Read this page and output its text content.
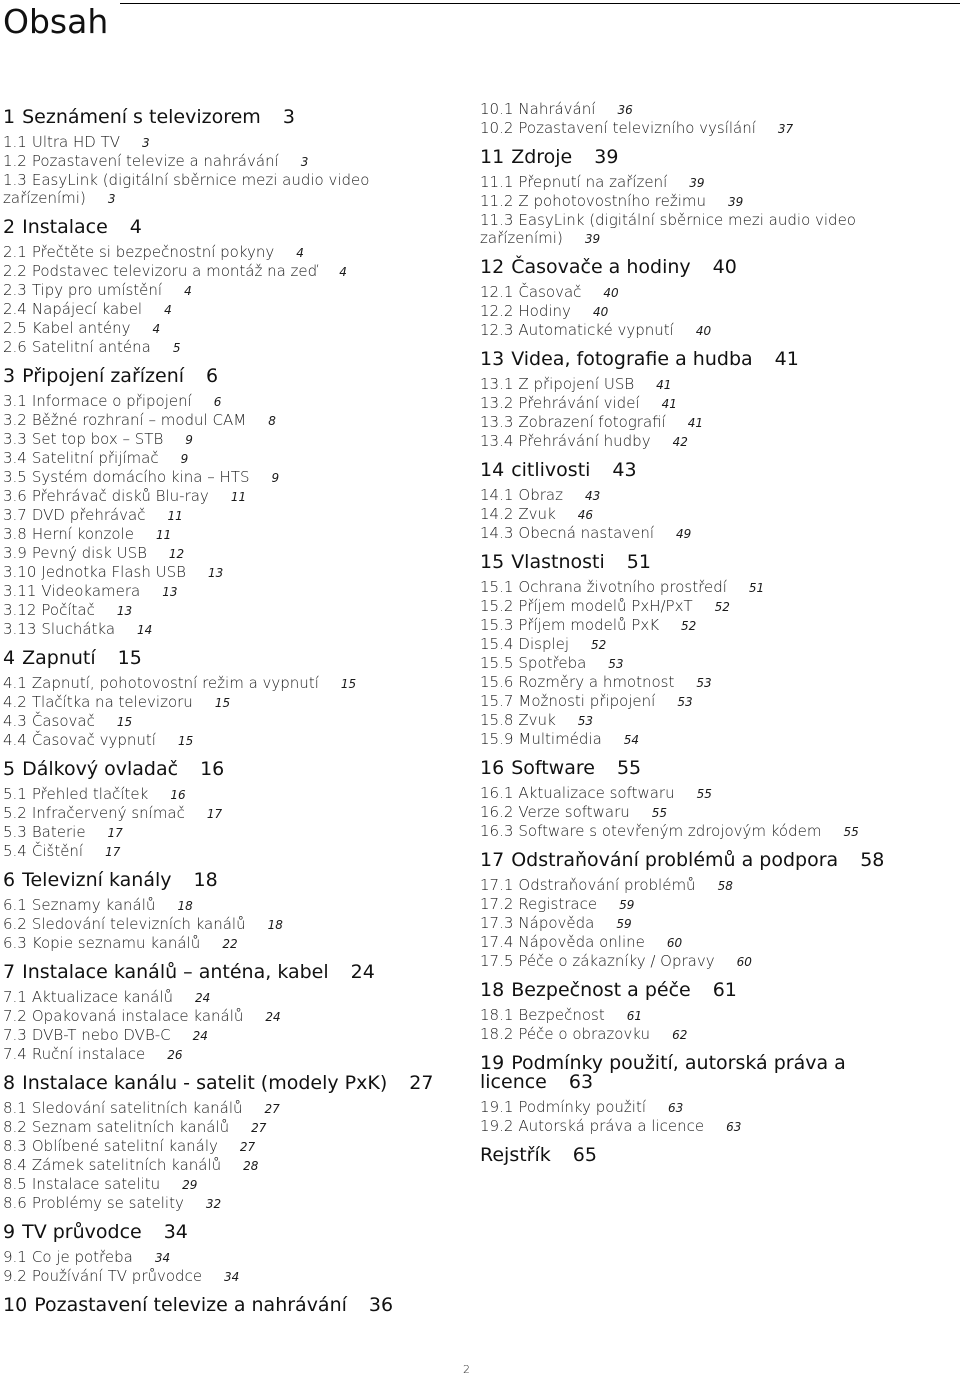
Obsah
1 Seznámení s televizorem 3
1.1 Ultra HD TV 3
1.2 Pozastavení televize a nahrávání 3
1.3 EasyLink (digitální sběrnice mezi audio video zařízeními) 3
2 Instalace 4
2.1 Přečtěte si bezpečnostní pokyny 4
2.2 Podstavec televizoru a montáž na zeď 4
2.3 Tipy pro umístění 4
2.4 Napájecí kabel 4
2.5 Kabel antény 4
2.6 Satelitní anténa 5
3 Připojení zařízení 6
3.1 Informace o připojení 6
3.2 Běžné rozhraní – modul CAM 8
3.3 Set top box – STB 9
3.4 Satelitní přijímač 9
3.5 Systém domácího kina – HTS 9
3.6 Přehrávač disků Blu-ray 11
3.7 DVD přehrávač 11
3.8 Herní konzole 11
3.9 Pevný disk USB 12
3.10 Jednotka Flash USB 13
3.11 Videokamera 13
3.12 Počítač 13
3.13 Sluchátka 14
4 Zapnutí 15
4.1 Zapnutí, pohotovostní režim a vypnutí 15
4.2 Tlačítka na televizoru 15
4.3 Časovač 15
4.4 Časovač vypnutí 15
5 Dálkový ovladač 16
5.1 Přehled tlačítek 16
5.2 Infračervený snímač 17
5.3 Baterie 17
5.4 Čištění 17
6 Televizní kanály 18
6.1 Seznamy kanálů 18
6.2 Sledování televizních kanálů 18
6.3 Kopie seznamu kanálů 22
7 Instalace kanálů – anténa, kabel 24
7.1 Aktualizace kanálů 24
7.2 Opakovaná instalace kanálů 24
7.3 DVB-T nebo DVB-C 24
7.4 Ruční instalace 26
8 Instalace kanálu - satelit (modely PxK) 27
8.1 Sledování satelitních kanálů 27
8.2 Seznam satelitních kanálů 27
8.3 Oblíbené satelitní kanály 27
8.4 Zámek satelitních kanálů 28
8.5 Instalace satelitu 29
8.6 Problémy se satelity 32
9 TV průvodce 34
9.1 Co je potřeba 34
9.2 Používání TV průvodce 34
10 Pozastavení televize a nahrávání 36
10.1 Nahrávání 36
10.2 Pozastavení televizního vysílání 37
11 Zdroje 39
11.1 Přepnutí na zařízení 39
11.2 Z pohotovostního režimu 39
11.3 EasyLink (digitální sběrnice mezi audio video zařízeními) 39
12 Časovače a hodiny 40
12.1 Časovač 40
12.2 Hodiny 40
12.3 Automatické vypnutí 40
13 Videa, fotografie a hudba 41
13.1 Z připojení USB 41
13.2 Přehrávání videí 41
13.3 Zobrazení fotografií 41
13.4 Přehrávání hudby 42
14 citlivosti 43
14.1 Obraz 43
14.2 Zvuk 46
14.3 Obecná nastavení 49
15 Vlastnosti 51
15.1 Ochrana životního prostředí 51
15.2 Příjem modelů PxH/PxT 52
15.3 Příjem modelů PxK 52
15.4 Displej 52
15.5 Spotřeba 53
15.6 Rozměry a hmotnost 53
15.7 Možnosti připojení 53
15.8 Zvuk 53
15.9 Multimédia 54
16 Software 55
16.1 Aktualizace softwaru 55
16.2 Verze softwaru 55
16.3 Software s otevřeným zdrojovým kódem 55
17 Odstraňování problémů a podpora 58
17.1 Odstraňování problémů 58
17.2 Registrace 59
17.3 Nápověda 59
17.4 Nápověda online 60
17.5 Péče o zákazníky / Opravy 60
18 Bezpečnost a péče 61
18.1 Bezpečnost 61
18.2 Péče o obrazovku 62
19 Podmínky použití, autorská práva a licence 63
19.1 Podmínky použití 63
19.2 Autorská práva a licence 63
Rejstřík 65
2
